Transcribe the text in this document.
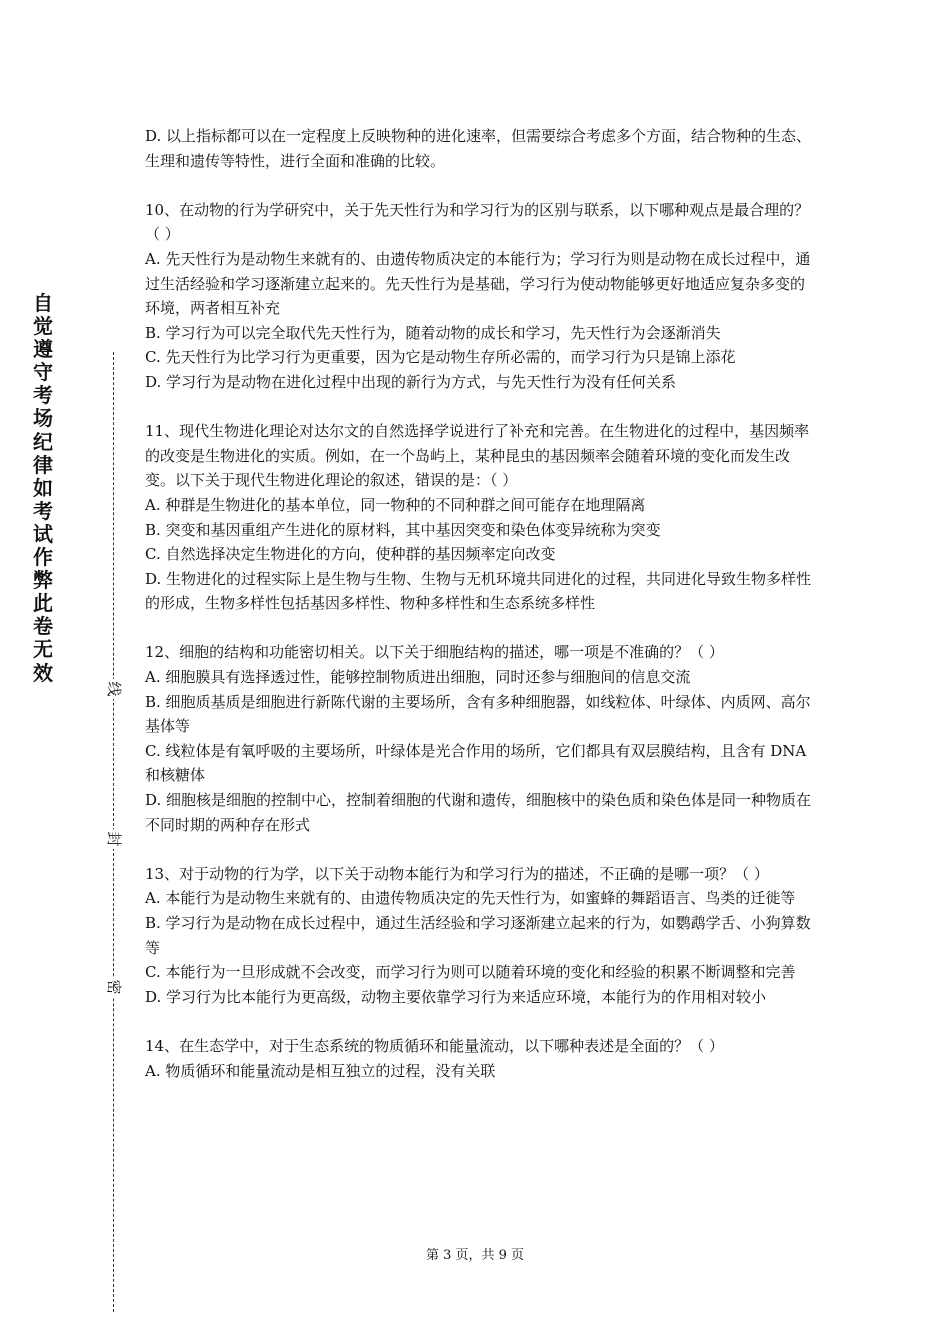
自觉遵守考场纪律如考试作弊此卷无效
线
封
密

D. 以上指标都可以在一定程度上反映物种的进化速率，但需要综合考虑多个方面，结合物种的生态、生理和遗传等特性，进行全面和准确的比较。

10、在动物的行为学研究中，关于先天性行为和学习行为的区别与联系，以下哪种观点是最合理的？（ ）

A. 先天性行为是动物生来就有的、由遗传物质决定的本能行为；学习行为则是动物在成长过程中，通过生活经验和学习逐渐建立起来的。先天性行为是基础，学习行为使动物能够更好地适应复杂多变的环境，两者相互补充

B. 学习行为可以完全取代先天性行为，随着动物的成长和学习，先天性行为会逐渐消失

C. 先天性行为比学习行为更重要，因为它是动物生存所必需的，而学习行为只是锦上添花

D. 学习行为是动物在进化过程中出现的新行为方式，与先天性行为没有任何关系

11、现代生物进化理论对达尔文的自然选择学说进行了补充和完善。在生物进化的过程中，基因频率的改变是生物进化的实质。例如，在一个岛屿上，某种昆虫的基因频率会随着环境的变化而发生改变。以下关于现代生物进化理论的叙述，错误的是：（ ）

A. 种群是生物进化的基本单位，同一物种的不同种群之间可能存在地理隔离

B. 突变和基因重组产生进化的原材料，其中基因突变和染色体变异统称为突变

C. 自然选择决定生物进化的方向，使种群的基因频率定向改变

D. 生物进化的过程实际上是生物与生物、生物与无机环境共同进化的过程，共同进化导致生物多样性的形成，生物多样性包括基因多样性、物种多样性和生态系统多样性

12、细胞的结构和功能密切相关。以下关于细胞结构的描述，哪一项是不准确的？（ ）

A. 细胞膜具有选择透过性，能够控制物质进出细胞，同时还参与细胞间的信息交流

B. 细胞质基质是细胞进行新陈代谢的主要场所，含有多种细胞器，如线粒体、叶绿体、内质网、高尔基体等

C. 线粒体是有氧呼吸的主要场所，叶绿体是光合作用的场所，它们都具有双层膜结构，且含有 DNA 和核糖体

D. 细胞核是细胞的控制中心，控制着细胞的代谢和遗传，细胞核中的染色质和染色体是同一种物质在不同时期的两种存在形式

13、对于动物的行为学，以下关于动物本能行为和学习行为的描述，不正确的是哪一项？（ ）

A. 本能行为是动物生来就有的、由遗传物质决定的先天性行为，如蜜蜂的舞蹈语言、鸟类的迁徙等

B. 学习行为是动物在成长过程中，通过生活经验和学习逐渐建立起来的行为，如鹦鹉学舌、小狗算数等

C. 本能行为一旦形成就不会改变，而学习行为则可以随着环境的变化和经验的积累不断调整和完善

D. 学习行为比本能行为更高级，动物主要依靠学习行为来适应环境，本能行为的作用相对较小

14、在生态学中，对于生态系统的物质循环和能量流动，以下哪种表述是全面的？（ ）

A. 物质循环和能量流动是相互独立的过程，没有关联

第 3 页，共 9 页
